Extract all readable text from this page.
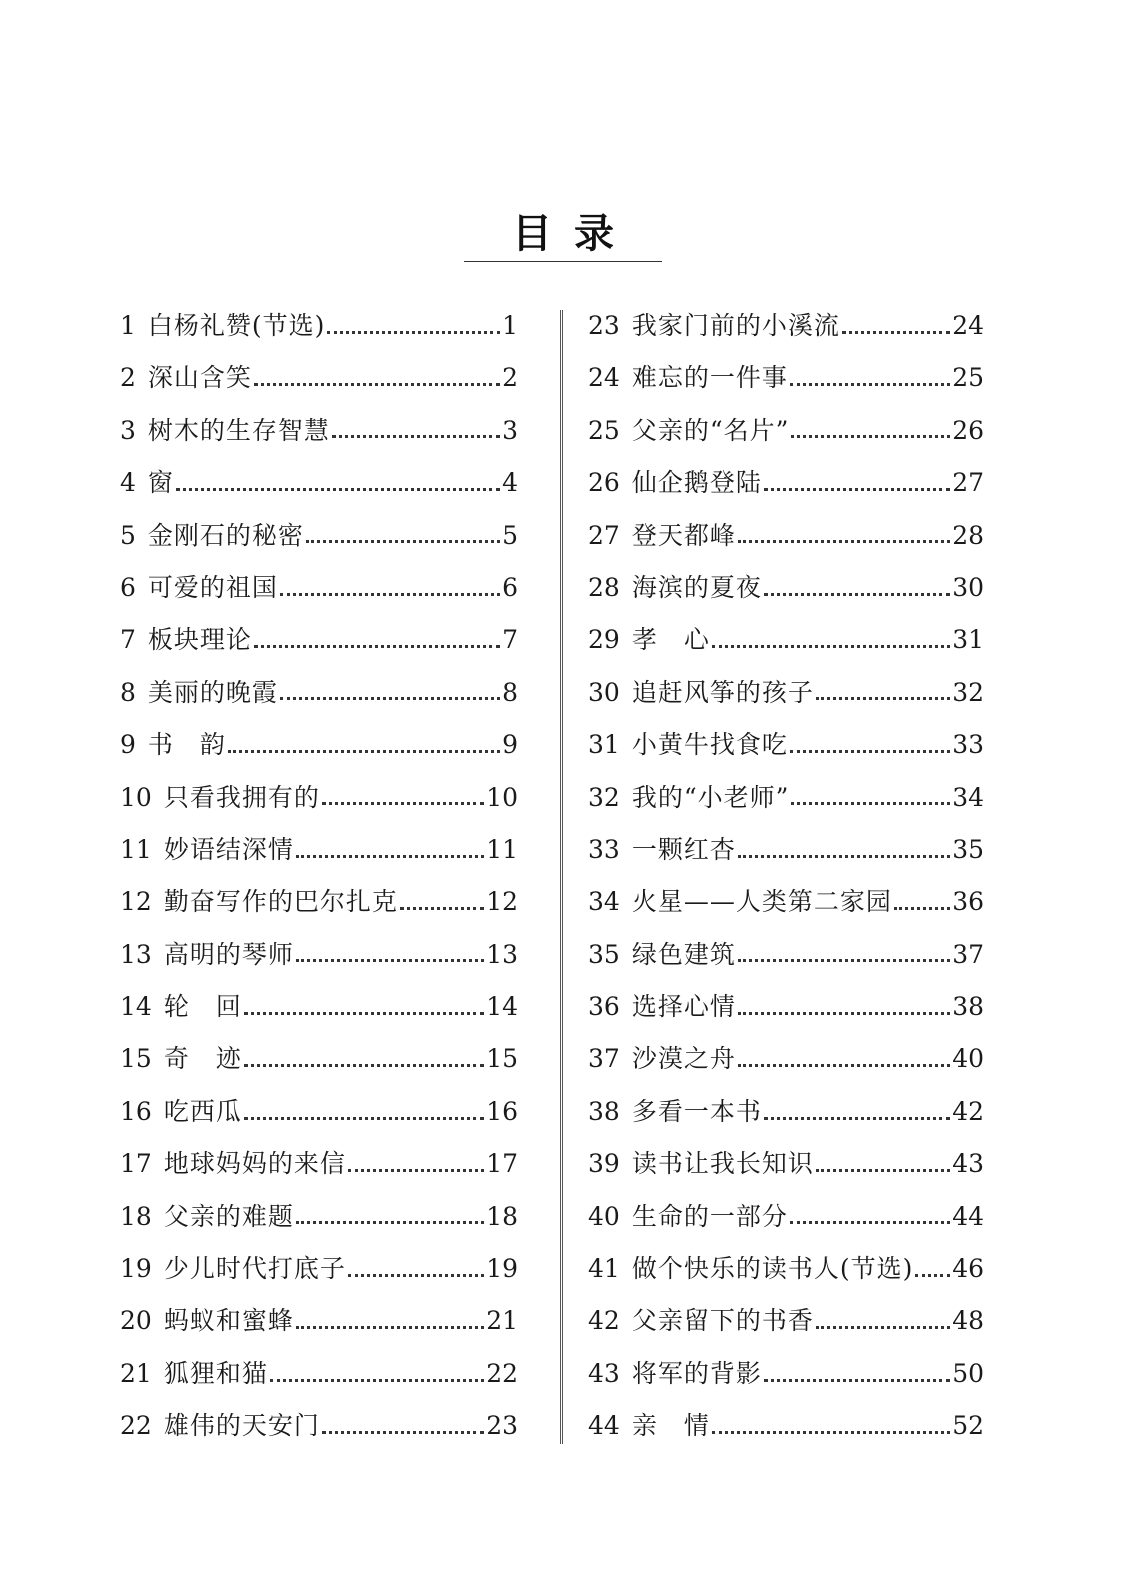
目录
1 白杨礼赞(节选)	1
2 深山含笑	2
3 树木的生存智慧	3
4 窗	4
5 金刚石的秘密	5
6 可爱的祖国	6
7 板块理论	7
8 美丽的晚霞	8
9 书　韵	9
10 只看我拥有的	10
11 妙语结深情	11
12 勤奋写作的巴尔扎克	12
13 高明的琴师	13
14 轮　回	14
15 奇　迹	15
16 吃西瓜	16
17 地球妈妈的来信	17
18 父亲的难题	18
19 少儿时代打底子	19
20 蚂蚁和蜜蜂	21
21 狐狸和猫	22
22 雄伟的天安门	23
23 我家门前的小溪流	24
24 难忘的一件事	25
25 父亲的“名片”	26
26 仙企鹅登陆	27
27 登天都峰	28
28 海滨的夏夜	30
29 孝　心	31
30 追赶风筝的孩子	32
31 小黄牛找食吃	33
32 我的“小老师”	34
33 一颗红杏	35
34 火星——人类第二家园 36
35 绿色建筑	37
36 选择心情	38
37 沙漠之舟	40
38 多看一本书	42
39 读书让我长知识	43
40 生命的一部分	44
41 做个快乐的读书人(节选) 46
42 父亲留下的书香	48
43 将军的背影	50
44 亲　情	52
